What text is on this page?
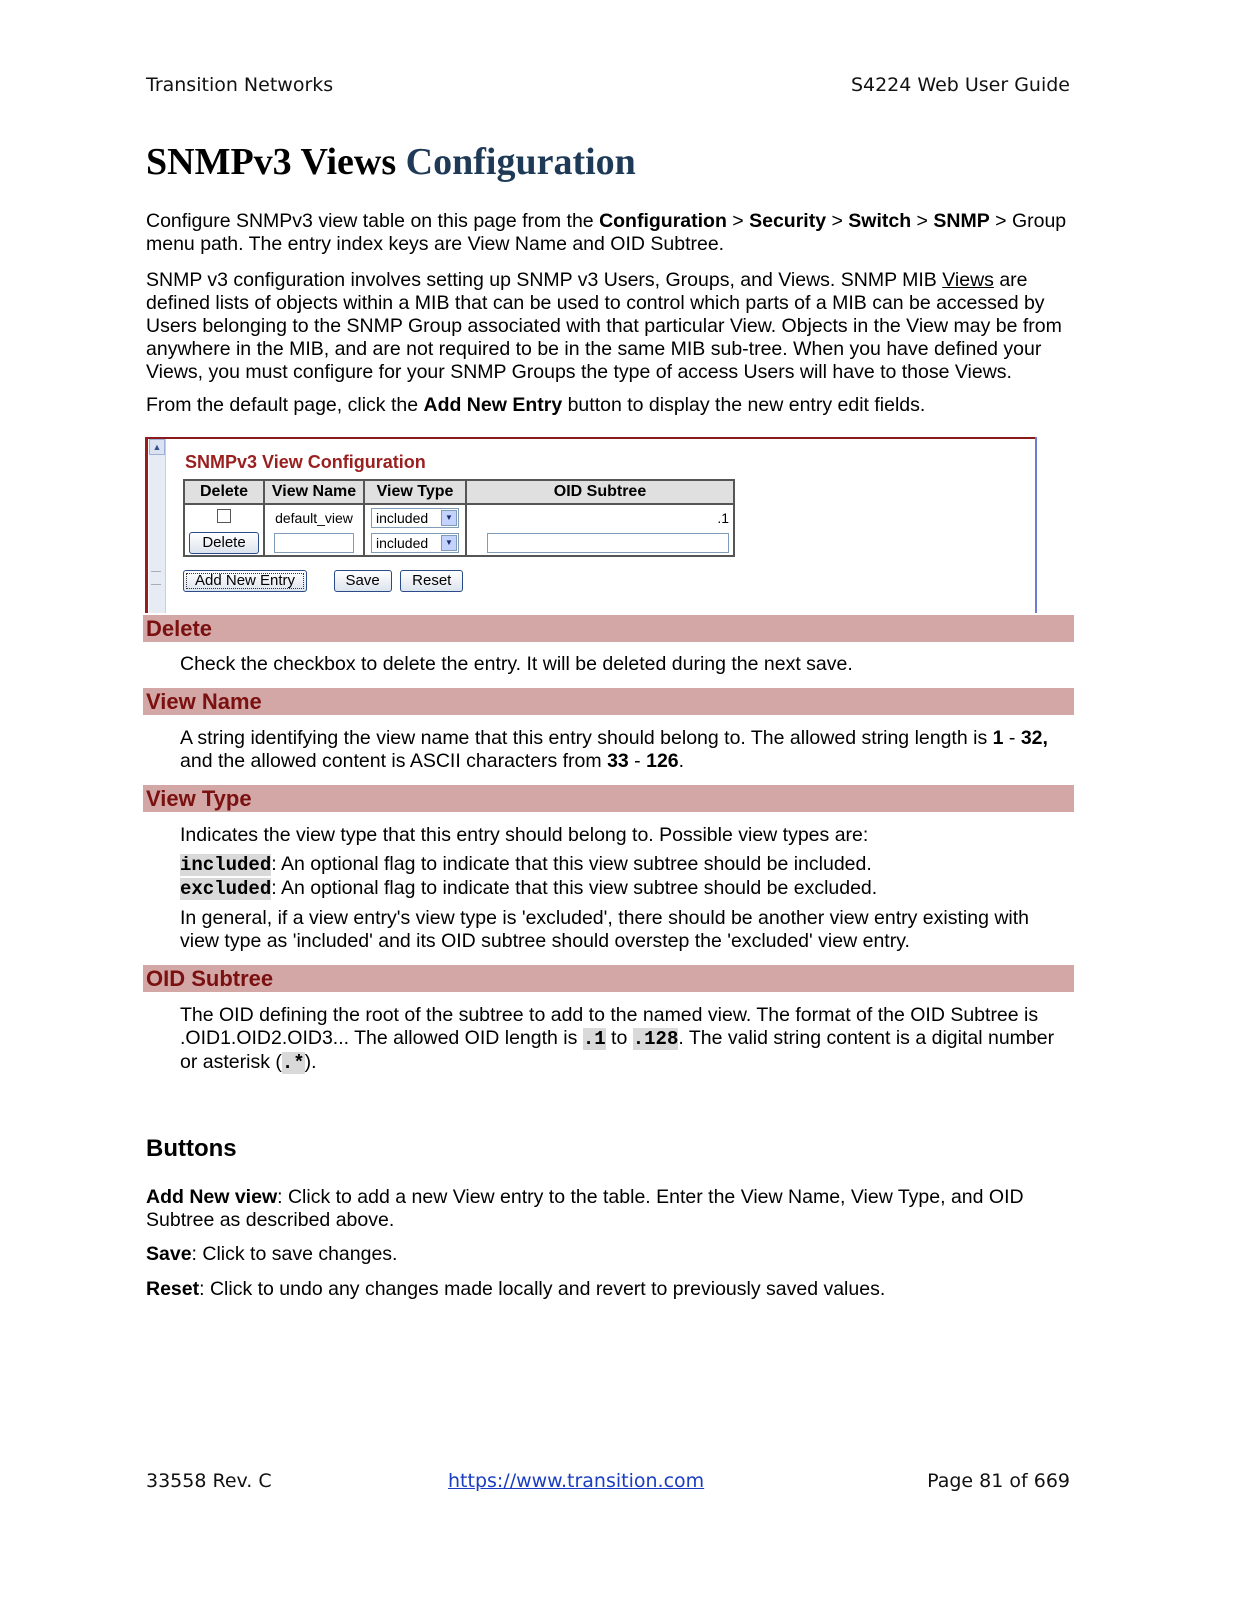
Transition Networks	S4224 Web User Guide
SNMPv3 Views Configuration

Configure SNMPv3 view table on this page from the Configuration > Security > Switch > SNMP > Group menu path. The entry index keys are View Name and OID Subtree.

SNMP v3 configuration involves setting up SNMP v3 Users, Groups, and Views. SNMP MIB Views are defined lists of objects within a MIB that can be used to control which parts of a MIB can be accessed by Users belonging to the SNMP Group associated with that particular View. Objects in the View may be from anywhere in the MIB, and are not required to be in the same MIB sub-tree. When you have defined your Views, you must configure for your SNMP Groups the type of access Users will have to those Views.

From the default page, click the Add New Entry button to display the new entry edit fields.

▲
SNMPv3 View Configuration
Delete	View Name	View Type	OID Subtree
	default_view	included ▼	.1
Delete		included ▼	

Add New Entry	Save Reset
Delete

Check the checkbox to delete the entry. It will be deleted during the next save.

View Name

A string identifying the view name that this entry should belong to. The allowed string length is 1 - 32, and the allowed content is ASCII characters from 33 - 126.

View Type

Indicates the view type that this entry should belong to. Possible view types are:

included: An optional flag to indicate that this view subtree should be included.

excluded: An optional flag to indicate that this view subtree should be excluded.

In general, if a view entry's view type is 'excluded', there should be another view entry existing with view type as 'included' and its OID subtree should overstep the 'excluded' view entry.

OID Subtree

The OID defining the root of the subtree to add to the named view. The format of the OID Subtree is .OID1.OID2.OID3... The allowed OID length is .1 to .128. The valid string content is a digital number or asterisk (.*).

Buttons

Add New view: Click to add a new View entry to the table. Enter the View Name, View Type, and OID Subtree as described above.

Save: Click to save changes.

Reset: Click to undo any changes made locally and revert to previously saved values.

33558 Rev. C	https://www.transition.com	Page 81 of 669
